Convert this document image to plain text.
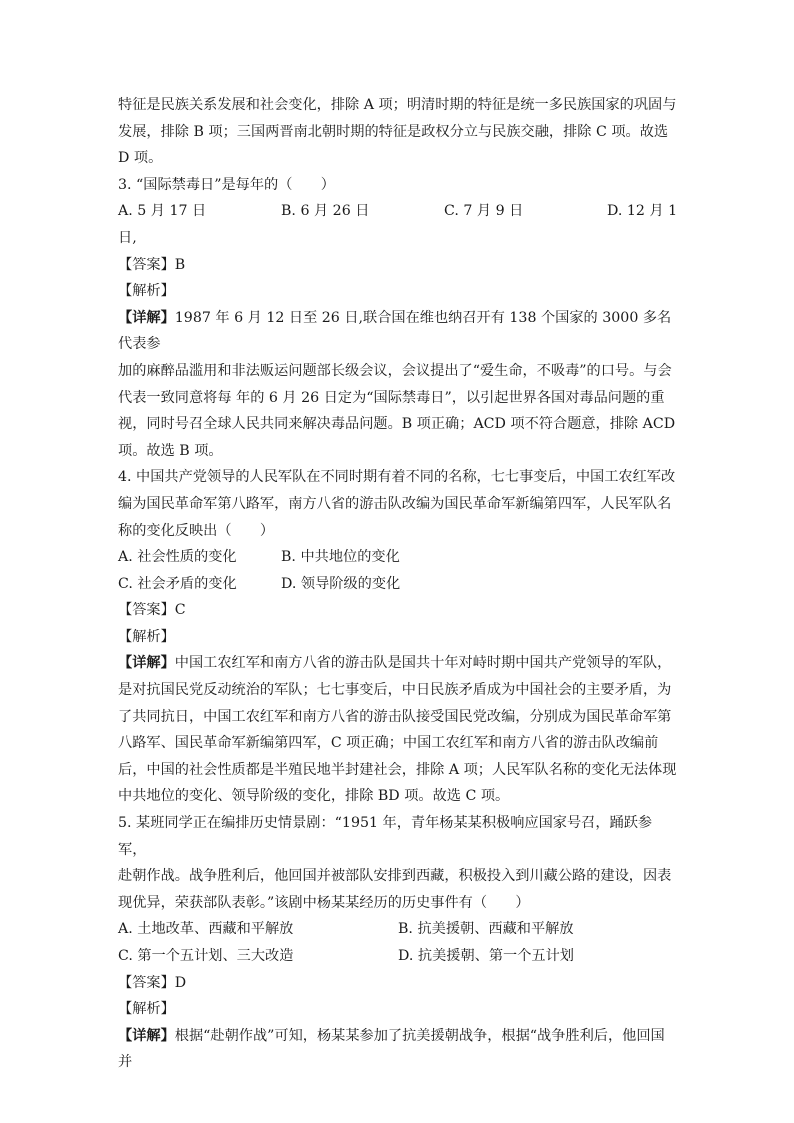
特征是民族关系发展和社会变化，排除 A 项；明清时期的特征是统一多民族国家的巩固与
发展，排除 B 项；三国两晋南北朝时期的特征是政权分立与民族交融，排除 C 项。故选
D 项。
3. “国际禁毒日”是每年的（　　）
A. 5 月 17 日	B. 6 月 26 日	C. 7 月 9 日	D. 12 月 1
日,
【答案】B
【解析】
【详解】1987 年 6 月 12 日至 26 日,联合国在维也纳召开有 138 个国家的 3000 多名代表参
加的麻醉品滥用和非法贩运问题部长级会议，会议提出了“爱生命，不吸毒”的口号。与会
代表一致同意将每 年的 6 月 26 日定为“国际禁毒日”，以引起世界各国对毒品问题的重
视，同时号召全球人民共同来解决毒品问题。B 项正确；ACD 项不符合题意，排除 ACD
项。故选 B 项。
4. 中国共产党领导的人民军队在不同时期有着不同的名称，七七事变后，中国工农红军改
编为国民革命军第八路军，南方八省的游击队改编为国民革命军新编第四军，人民军队名
称的变化反映出（　　）
A. 社会性质的变化	B. 中共地位的变化
C. 社会矛盾的变化	D. 领导阶级的变化
【答案】C
【解析】
【详解】中国工农红军和南方八省的游击队是国共十年对峙时期中国共产党领导的军队，
是对抗国民党反动统治的军队；七七事变后，中日民族矛盾成为中国社会的主要矛盾，为
了共同抗日，中国工农红军和南方八省的游击队接受国民党改编，分别成为国民革命军第
八路军、国民革命军新编第四军，C 项正确；中国工农红军和南方八省的游击队改编前
后，中国的社会性质都是半殖民地半封建社会，排除 A 项；人民军队名称的变化无法体现
中共地位的变化、领导阶级的变化，排除 BD 项。故选 C 项。
5. 某班同学正在编排历史情景剧：“1951 年，青年杨某某积极响应国家号召，踊跃参军，
赴朝作战。战争胜利后，他回国并被部队安排到西藏，积极投入到川藏公路的建设，因表
现优异，荣获部队表彰。”该剧中杨某某经历的历史事件有（　　）
A. 土地改革、西藏和平解放	B. 抗美援朝、西藏和平解放
C. 第一个五计划、三大改造	D. 抗美援朝、第一个五计划
【答案】D
【解析】
【详解】根据“赴朝作战”可知，杨某某参加了抗美援朝战争，根据“战争胜利后，他回国并
